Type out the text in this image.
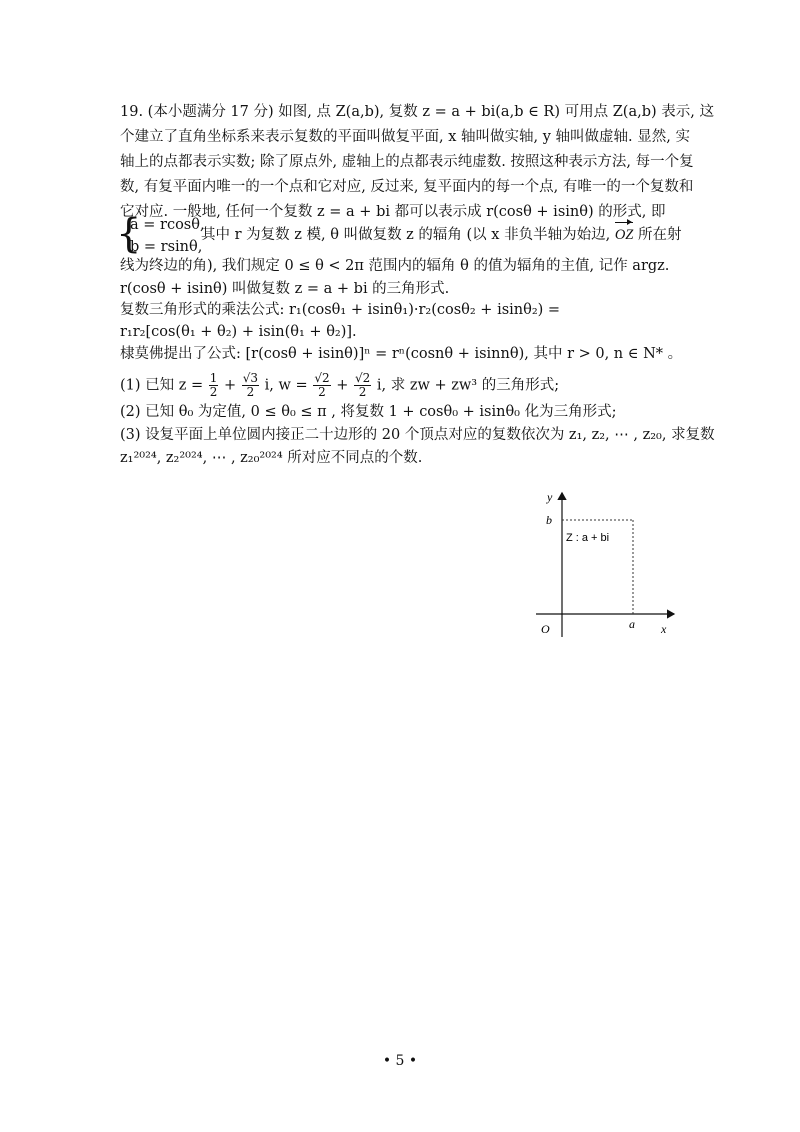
19. (本小题满分 17 分) 如图, 点 Z(a,b), 复数 z = a + bi(a,b ∈ R) 可用点 Z(a,b) 表示, 这
个建立了直角坐标系来表示复数的平面叫做复平面, x 轴叫做实轴, y 轴叫做虚轴. 显然, 实
轴上的点都表示实数; 除了原点外, 虚轴上的点都表示纯虚数. 按照这种表示方法, 每一个复
数, 有复平面内唯一的一个点和它对应, 反过来, 复平面内的每一个点, 有唯一的一个复数和
它对应. 一般地, 任何一个复数 z = a + bi 都可以表示成 r(cosθ + isinθ) 的形式, 即
{
a = rcosθ,
b = rsinθ,
其中 r 为复数 z 模, θ 叫做复数 z 的辐角 (以 x 非负半轴为始边, OZ 所在射
线为终边的角), 我们规定 0 ≤ θ < 2π 范围内的辐角 θ 的值为辐角的主值, 记作 argz.
r(cosθ + isinθ) 叫做复数 z = a + bi 的三角形式.
复数三角形式的乘法公式: r₁(cosθ₁ + isinθ₁)·r₂(cosθ₂ + isinθ₂) =
r₁r₂[cos(θ₁ + θ₂) + isin(θ₁ + θ₂)].
棣莫佛提出了公式: [r(cosθ + isinθ)]ⁿ = rⁿ(cosnθ + isinnθ), 其中 r > 0, n ∈ N* 。
(1) 已知 $z = \frac{1}{2} + \frac{√3}{2} i$, $w = \frac{√2}{2} + \frac{√2}{2} i$, 求 zw + zw³ 的三角形式;
(2) 已知 θ₀ 为定值, 0 ≤ θ₀ ≤ π , 将复数 1 + cosθ₀ + isinθ₀ 化为三角形式;
(3) 设复平面上单位圆内接正二十边形的 20 个顶点对应的复数依次为 z₁, z₂, ⋯ , z₂₀, 求复数
z₁²⁰²⁴, z₂²⁰²⁴, ⋯ , z₂₀²⁰²⁴ 所对应不同点的个数.
y
x
b
a
O
Z : a + bi
• 5 •
